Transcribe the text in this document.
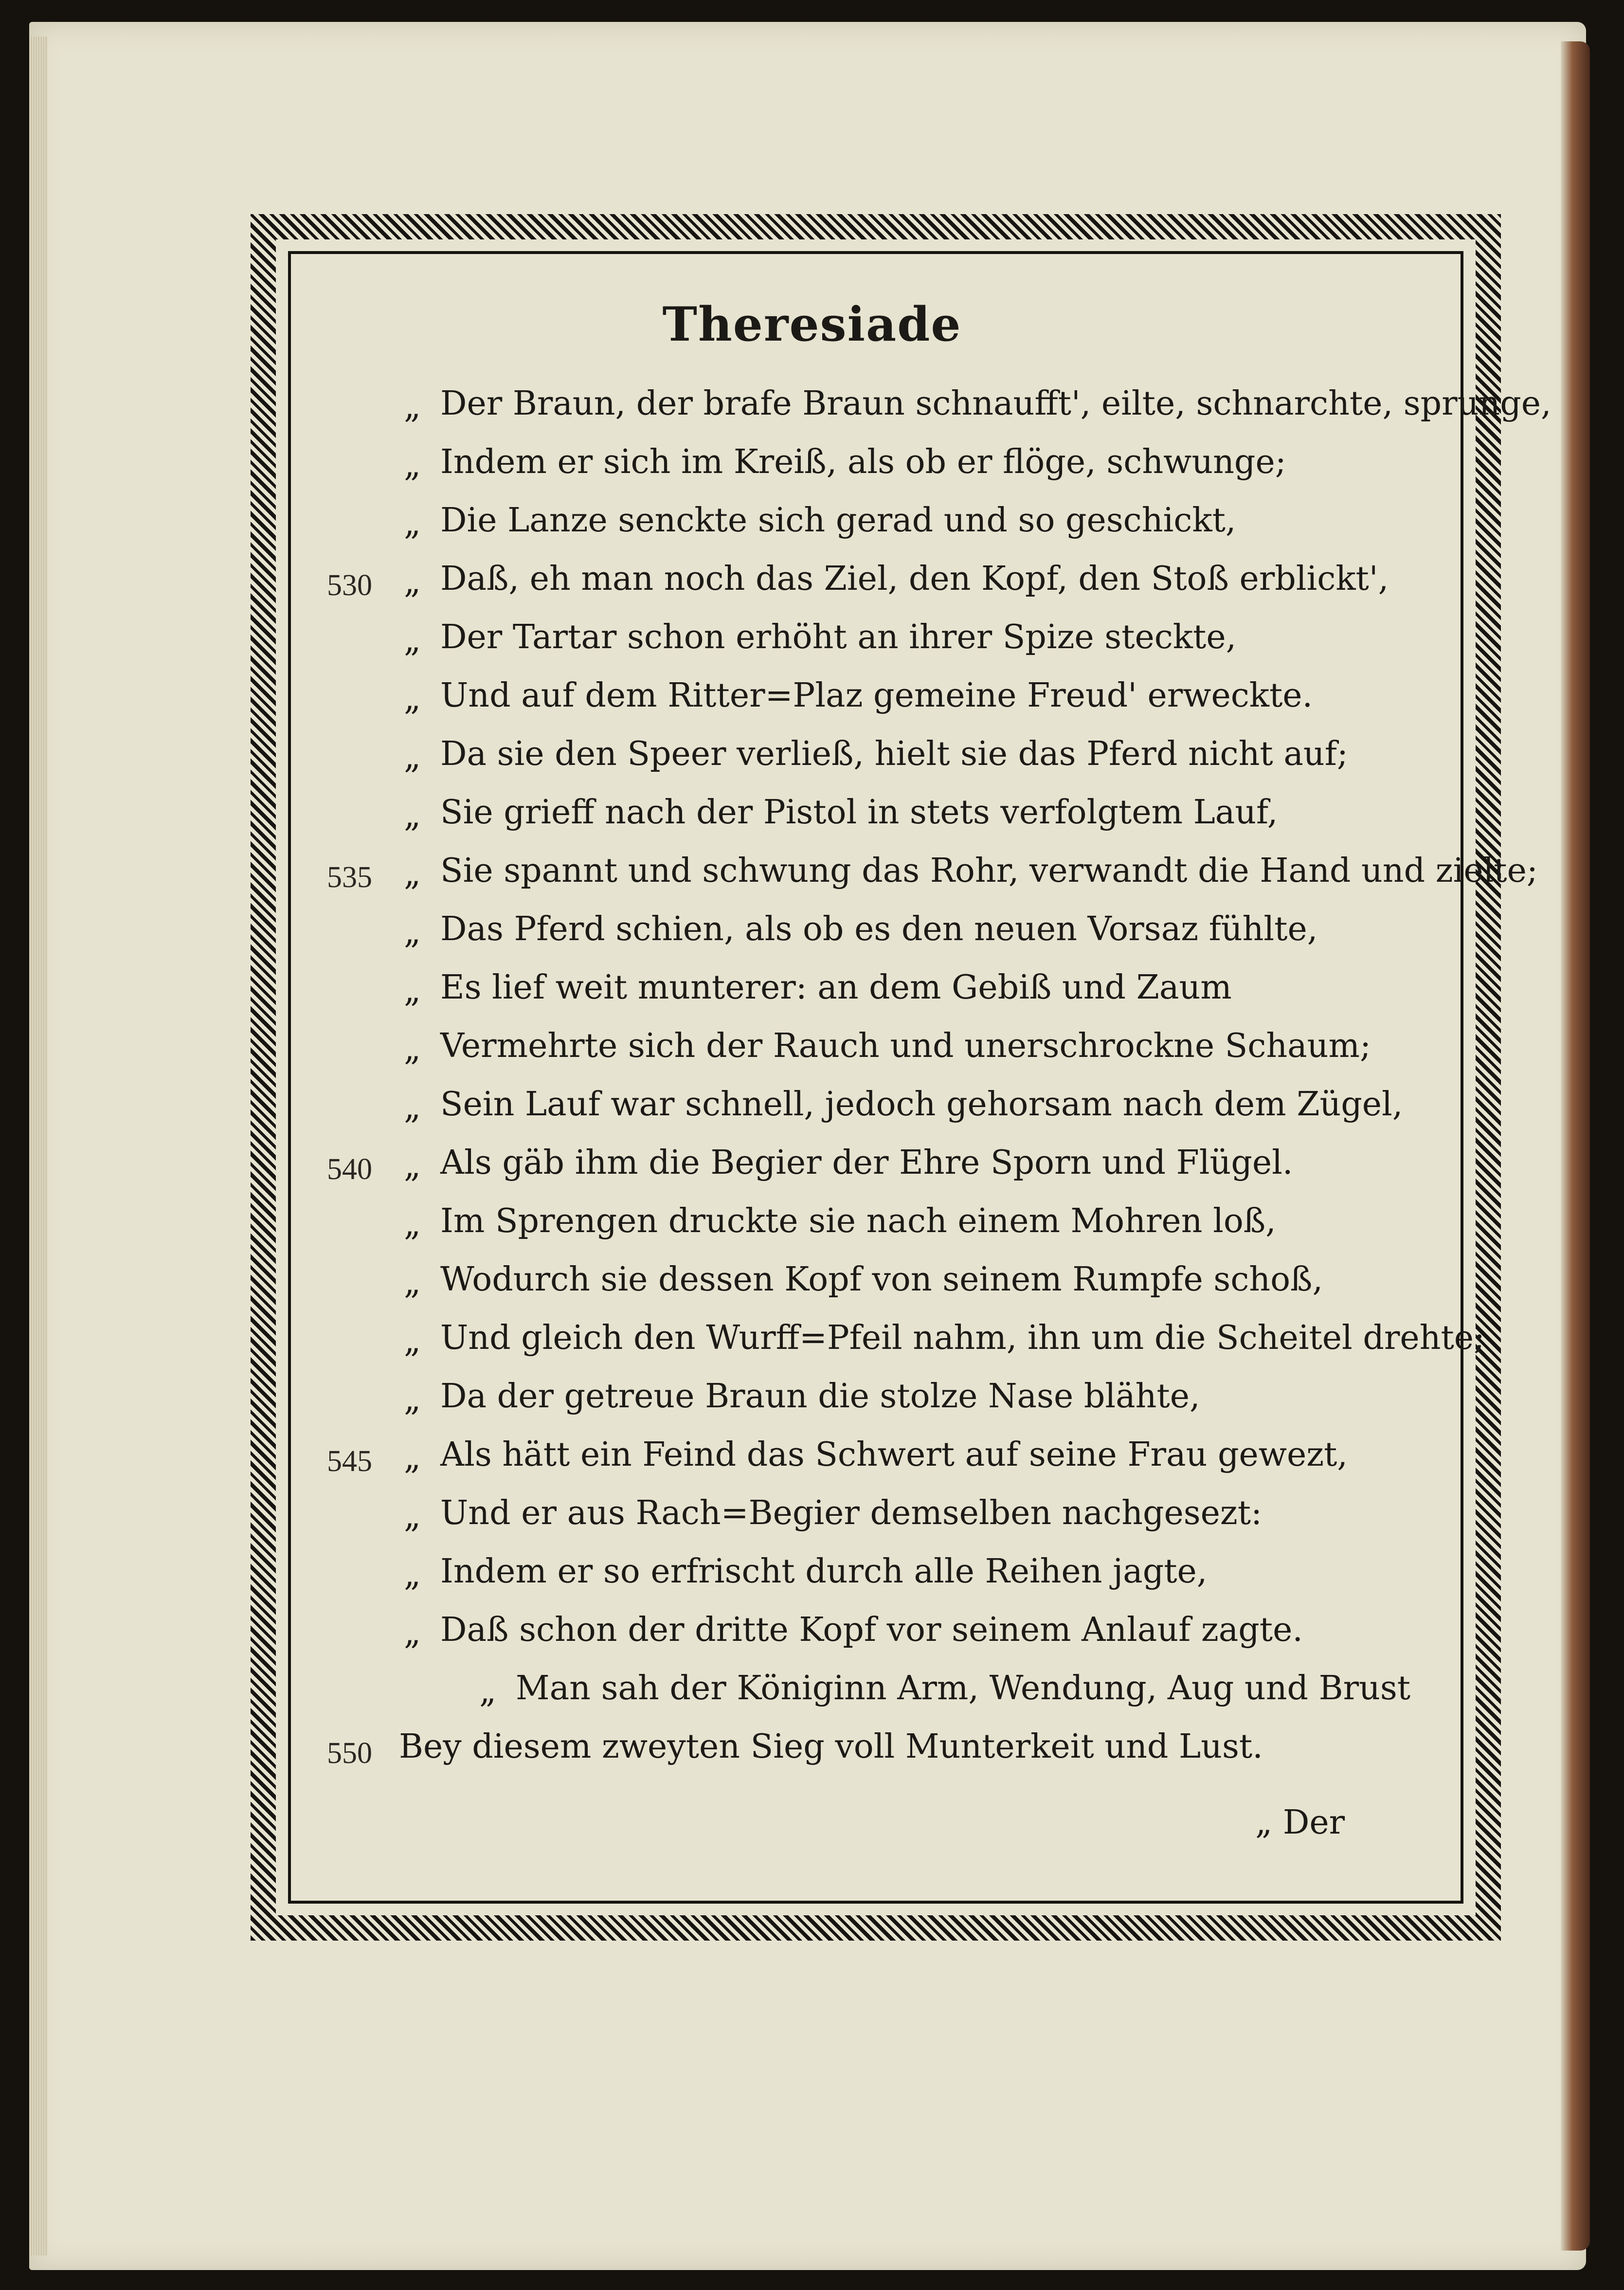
Theresiade
„ Der Braun, der brafe Braun schnaufft', eilte, schnarchte, sprunge,
„ Indem er sich im Kreiß, als ob er flöge, schwunge;
„ Die Lanze senckte sich gerad und so geschickt,
530 „ Daß, eh man noch das Ziel, den Kopf, den Stoß erblickt',
„ Der Tartar schon erhöht an ihrer Spize steckte,
„ Und auf dem Ritter=Plaz gemeine Freud' erweckte.
„ Da sie den Speer verließ, hielt sie das Pferd nicht auf;
„ Sie grieff nach der Pistol in stets verfolgtem Lauf,
535 „ Sie spannt und schwung das Rohr, verwandt die Hand und zielte;
„ Das Pferd schien, als ob es den neuen Vorsaz fühlte,
„ Es lief weit munterer: an dem Gebiß und Zaum
„ Vermehrte sich der Rauch und unerschrockne Schaum;
„ Sein Lauf war schnell, jedoch gehorsam nach dem Zügel,
540 „ Als gäb ihm die Begier der Ehre Sporn und Flügel.
„ Im Sprengen druckte sie nach einem Mohren loß,
„ Wodurch sie dessen Kopf von seinem Rumpfe schoß,
„ Und gleich den Wurff=Pfeil nahm, ihn um die Scheitel drehte;
„ Da der getreue Braun die stolze Nase blähte,
545 „ Als hätt ein Feind das Schwert auf seine Frau gewezt,
„ Und er aus Rach=Begier demselben nachgesezt:
„ Indem er so erfrischt durch alle Reihen jagte,
„ Daß schon der dritte Kopf vor seinem Anlauf zagte.
„ Man sah der Königinn Arm, Wendung, Aug und Brust
550 Bey diesem zweyten Sieg voll Munterkeit und Lust.
„ Der
